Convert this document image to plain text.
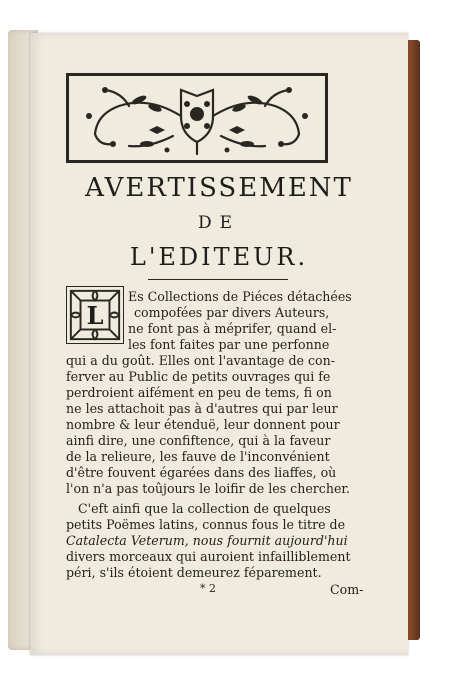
AVERTISSEMENT
DE
L'EDITEUR.
L
Es Collections de Piéces détachées
compofées par divers Auteurs,
ne font pas à méprifer, quand el-
les font faites par une perfonne
qui a du goût. Elles ont l'avantage de con-
ferver au Public de petits ouvrages qui fe
perdroient aifément en peu de tems, fi on
ne les attachoit pas à d'autres qui par leur
nombre & leur étenduë, leur donnent pour
ainfi dire, une confiftence, qui à la faveur
de la relieure, les fauve de l'inconvénient
d'être fouvent égarées dans des liaffes, où
l'on n'a pas toûjours le loifir de les chercher.
C'eft ainfi que la collection de quelques
petits Poëmes latins, connus fous le titre de
Catalecta Veterum, nous fournit aujourd'hui
divers morceaux qui auroient infailliblement
péri, s'ils étoient demeurez féparement.
* 2	Com-
